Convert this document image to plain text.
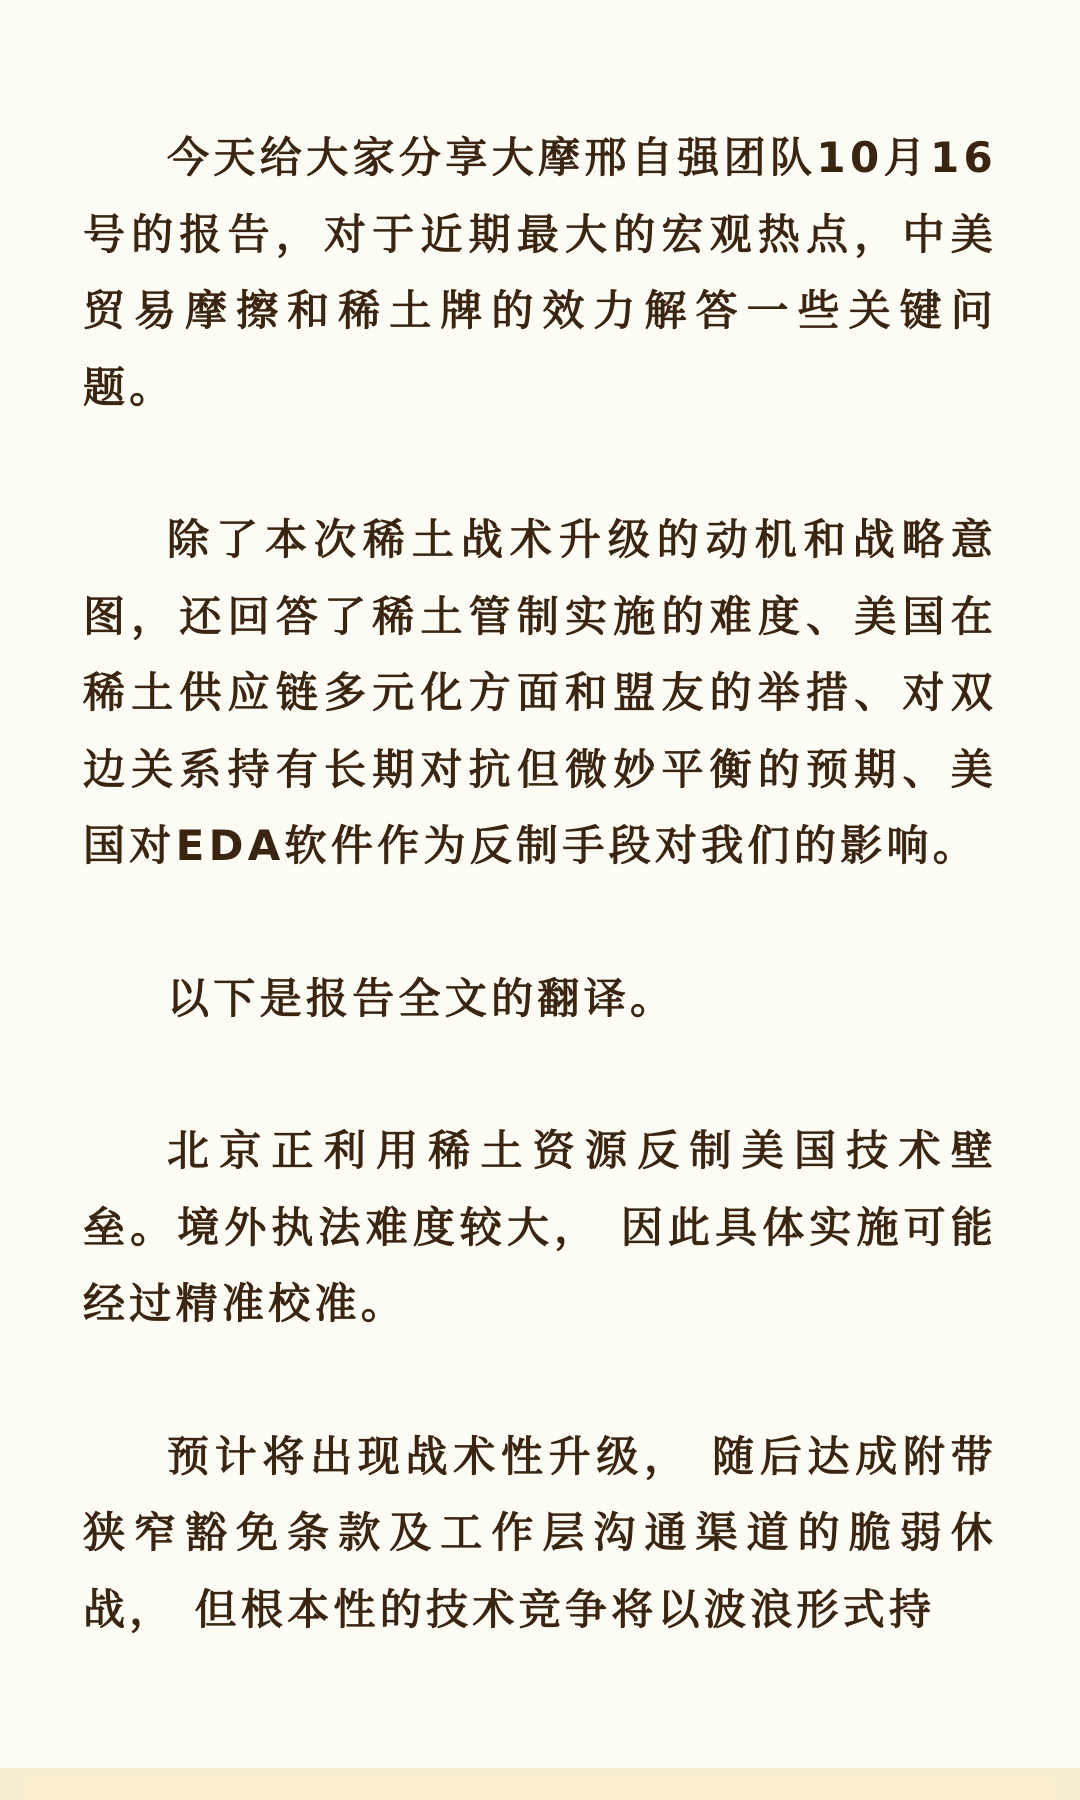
今天给大家分享大摩邢自强团队10月16号的报告，对于近期最大的宏观热点，中美贸易摩擦和稀土牌的效力解答一些关键问题。

除了本次稀土战术升级的动机和战略意图，还回答了稀土管制实施的难度、美国在稀土供应链多元化方面和盟友的举措、对双边关系持有长期对抗但微妙平衡的预期、美国对EDA软件作为反制手段对我们的影响。

以下是报告全文的翻译。

北京正利用稀土资源反制美国技术壁垒。境外执法难度较大， 因此具体实施可能经过精准校准。

预计将出现战术性升级， 随后达成附带狭窄豁免条款及工作层沟通渠道的脆弱休战， 但根本性的技术竞争将以波浪形式持
